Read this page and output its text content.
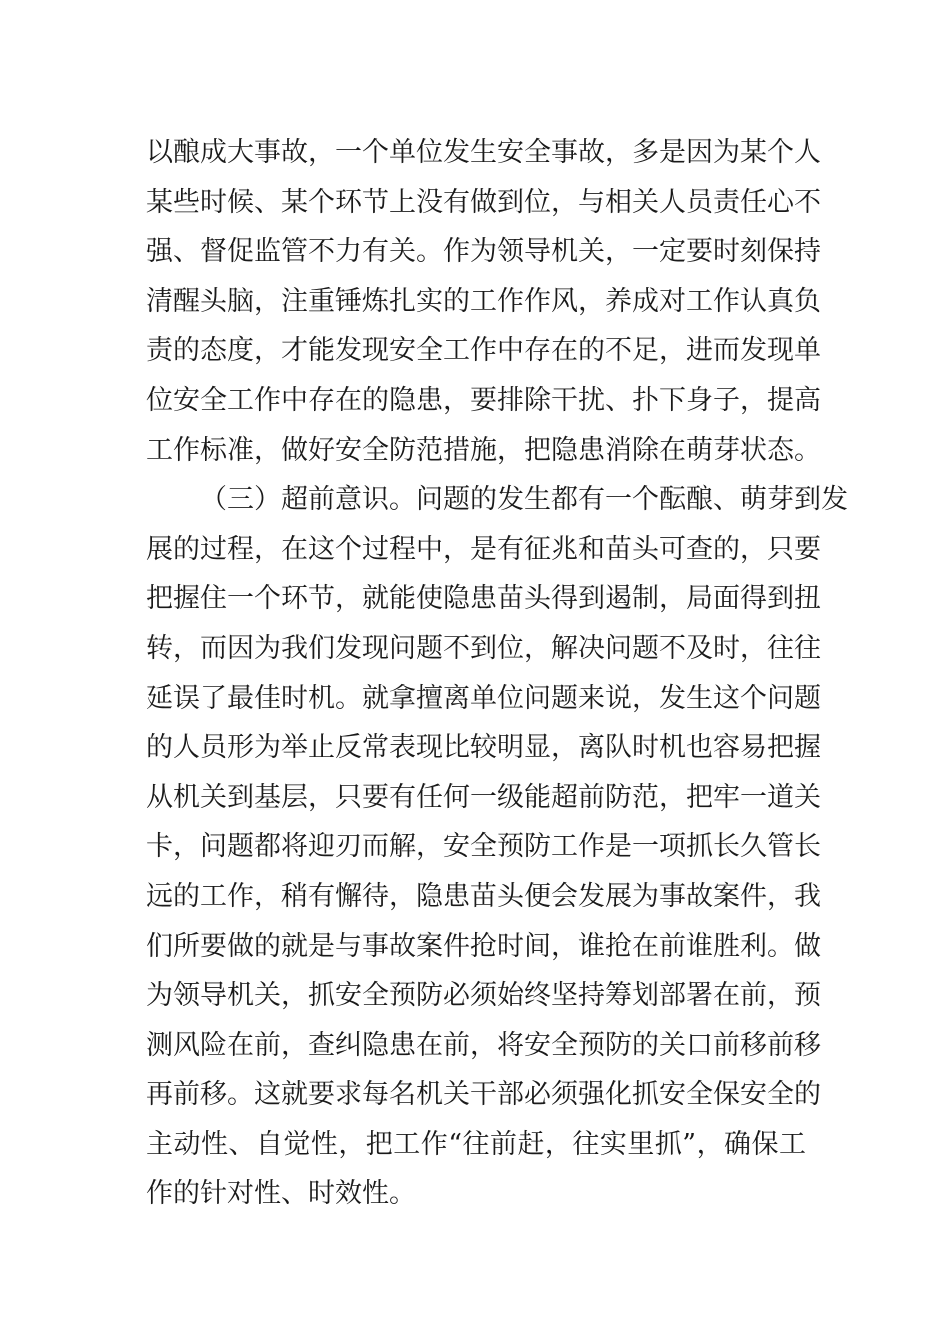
以酿成大事故，一个单位发生安全事故，多是因为某个人
某些时候、某个环节上没有做到位，与相关人员责任心不
强、督促监管不力有关。作为领导机关，一定要时刻保持
清醒头脑，注重锤炼扎实的工作作风，养成对工作认真负
责的态度，才能发现安全工作中存在的不足，进而发现单
位安全工作中存在的隐患，要排除干扰、扑下身子，提高
工作标准，做好安全防范措施，把隐患消除在萌芽状态。
（三）超前意识。问题的发生都有一个酝酿、萌芽到发
展的过程，在这个过程中，是有征兆和苗头可查的，只要
把握住一个环节，就能使隐患苗头得到遏制，局面得到扭
转，而因为我们发现问题不到位，解决问题不及时，往往
延误了最佳时机。就拿擅离单位问题来说，发生这个问题
的人员形为举止反常表现比较明显，离队时机也容易把握
从机关到基层，只要有任何一级能超前防范，把牢一道关
卡，问题都将迎刃而解，安全预防工作是一项抓长久管长
远的工作，稍有懈待，隐患苗头便会发展为事故案件，我
们所要做的就是与事故案件抢时间，谁抢在前谁胜利。做
为领导机关，抓安全预防必须始终坚持筹划部署在前，预
测风险在前，查纠隐患在前，将安全预防的关口前移前移
再前移。这就要求每名机关干部必须强化抓安全保安全的
主动性、自觉性，把工作“往前赶，往实里抓”，确保工
作的针对性、时效性。
